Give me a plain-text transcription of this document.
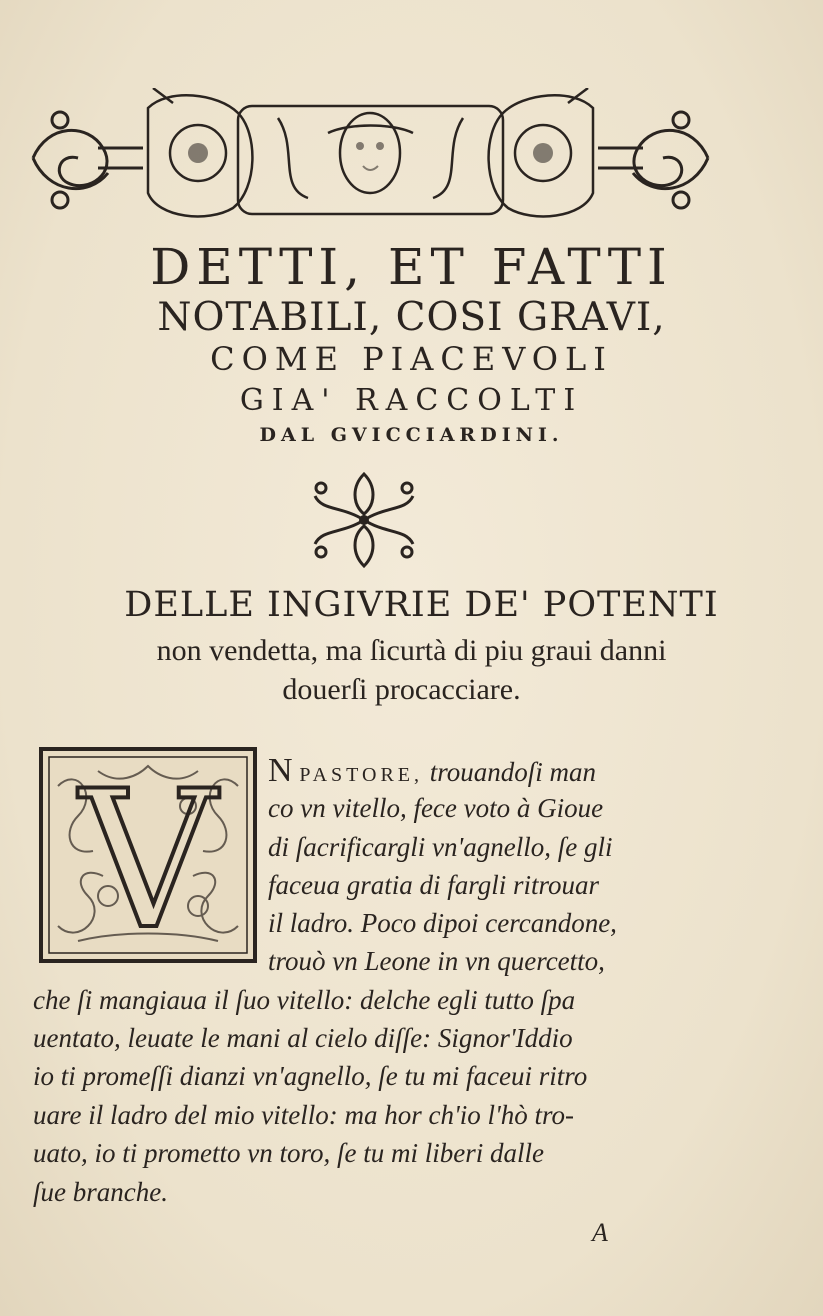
DETTI, ET FATTI
NOTABILI, COSI GRAVI,
COME PIACEVOLI
GIA' RACCOLTI
DAL GVICCIARDINI.
DELLE INGIVRIE DE' POTENTI

non vendetta, ma ſicurtà di piu graui danni

douerſi procacciare.

V N PASTORE, trouandoſi man

co vn vitello, fece voto à Gioue

di ſacrificargli vn'agnello, ſe gli

faceua gratia di fargli ritrouar

il ladro. Poco dipoi cercandone,

trouò vn Leone in vn quercetto,

che ſi mangiaua il ſuo vitello: delche egli tutto ſpa

uentato, leuate le mani al cielo diſſe: Signor'Iddio

io ti promeſſi dianzi vn'agnello, ſe tu mi faceui ritro

uare il ladro del mio vitello: ma hor ch'io l'hò tro-

uato, io ti prometto vn toro, ſe tu mi liberi dalle

ſue branche.

A
